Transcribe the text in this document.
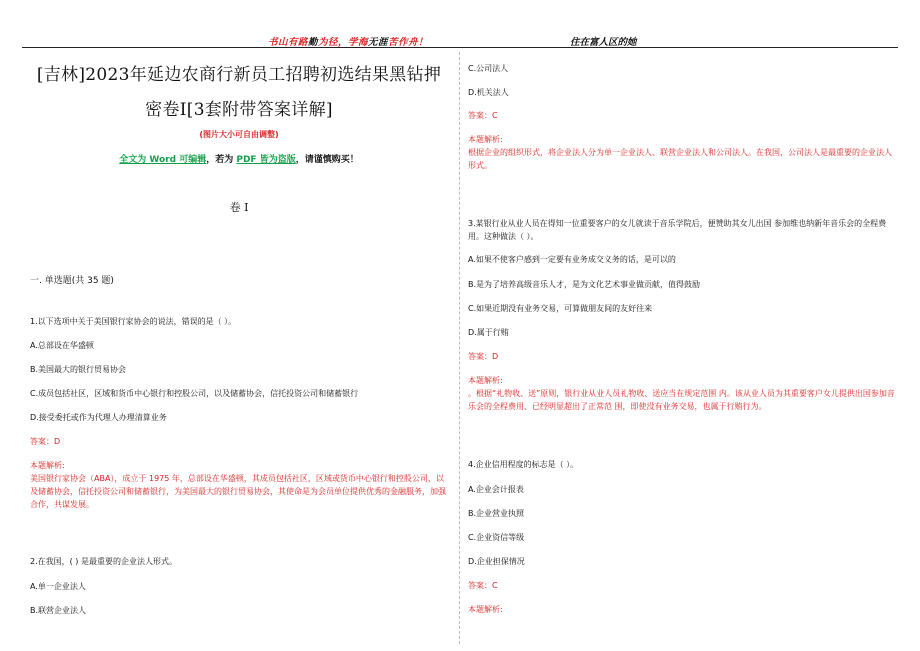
书山有路勤为径，学海无涯苦作舟！	住在富人区的她
[吉林]2023年延边农商行新员工招聘初选结果黑钻押
密卷I[3套附带答案详解]
(图片大小可自由调整)
全文为 Word 可编辑，若为 PDF 皆为盗版，请谨慎购买！
卷 I
一. 单选题(共 35 题)
1.以下选项中关于美国银行家协会的说法，错误的是（ ）。
A.总部设在华盛顿
B.美国最大的银行贸易协会
C.成员包括社区，区域和货币中心银行和控股公司，以及储蓄协会，信托投资公司和储蓄银行
D.接受委托或作为代理人办理清算业务
答案：D
本题解析:
美国银行家协会（ABA），成立于 1975 年，总部设在华盛顿，其成员包括社区，区域或货币中心银行和控股公司，以及储蓄协会，信托投资公司和储蓄银行，为美国最大的银行贸易协会，其使命是为会员单位提供优秀的金融服务，加强合作，共谋发展。
2.在我国，( ) 是最重要的企业法人形式。
A.单一企业法人
B.联营企业法人
C.公司法人
D.机关法人
答案：C
本题解析:
根据企业的组织形式，将企业法人分为单一企业法人、联营企业法人和公司法人。在我国，公司法人是最重要的企业法人形式。
3.某银行业从业人员在得知一位重要客户的女儿就读于音乐学院后，便赞助其女儿出国 参加维也纳新年音乐会的全程费用。这种做法（ ）。
A.如果不使客户感到一定要有业务成交义务的话，是可以的
B.是为了培养高级音乐人才，是为文化艺术事业做贡献，值得鼓励
C.如果近期没有业务交易，可算做朋友间的友好往来
D.属于行贿
答案：D
本题解析:
。根据“礼物收、送”原则，银行业从业人员礼物收、送应当在规定范围 内。该从业人员为其重要客户女儿提供出国参加音乐会的全程费用、已经明显超出了正常范 围，即使没有业务交易，也属于行贿行为。
4.企业信用程度的标志是（ ）。
A.企业会计报表
B.企业营业执照
C.企业资信等级
D.企业担保情况
答案：C
本题解析:
